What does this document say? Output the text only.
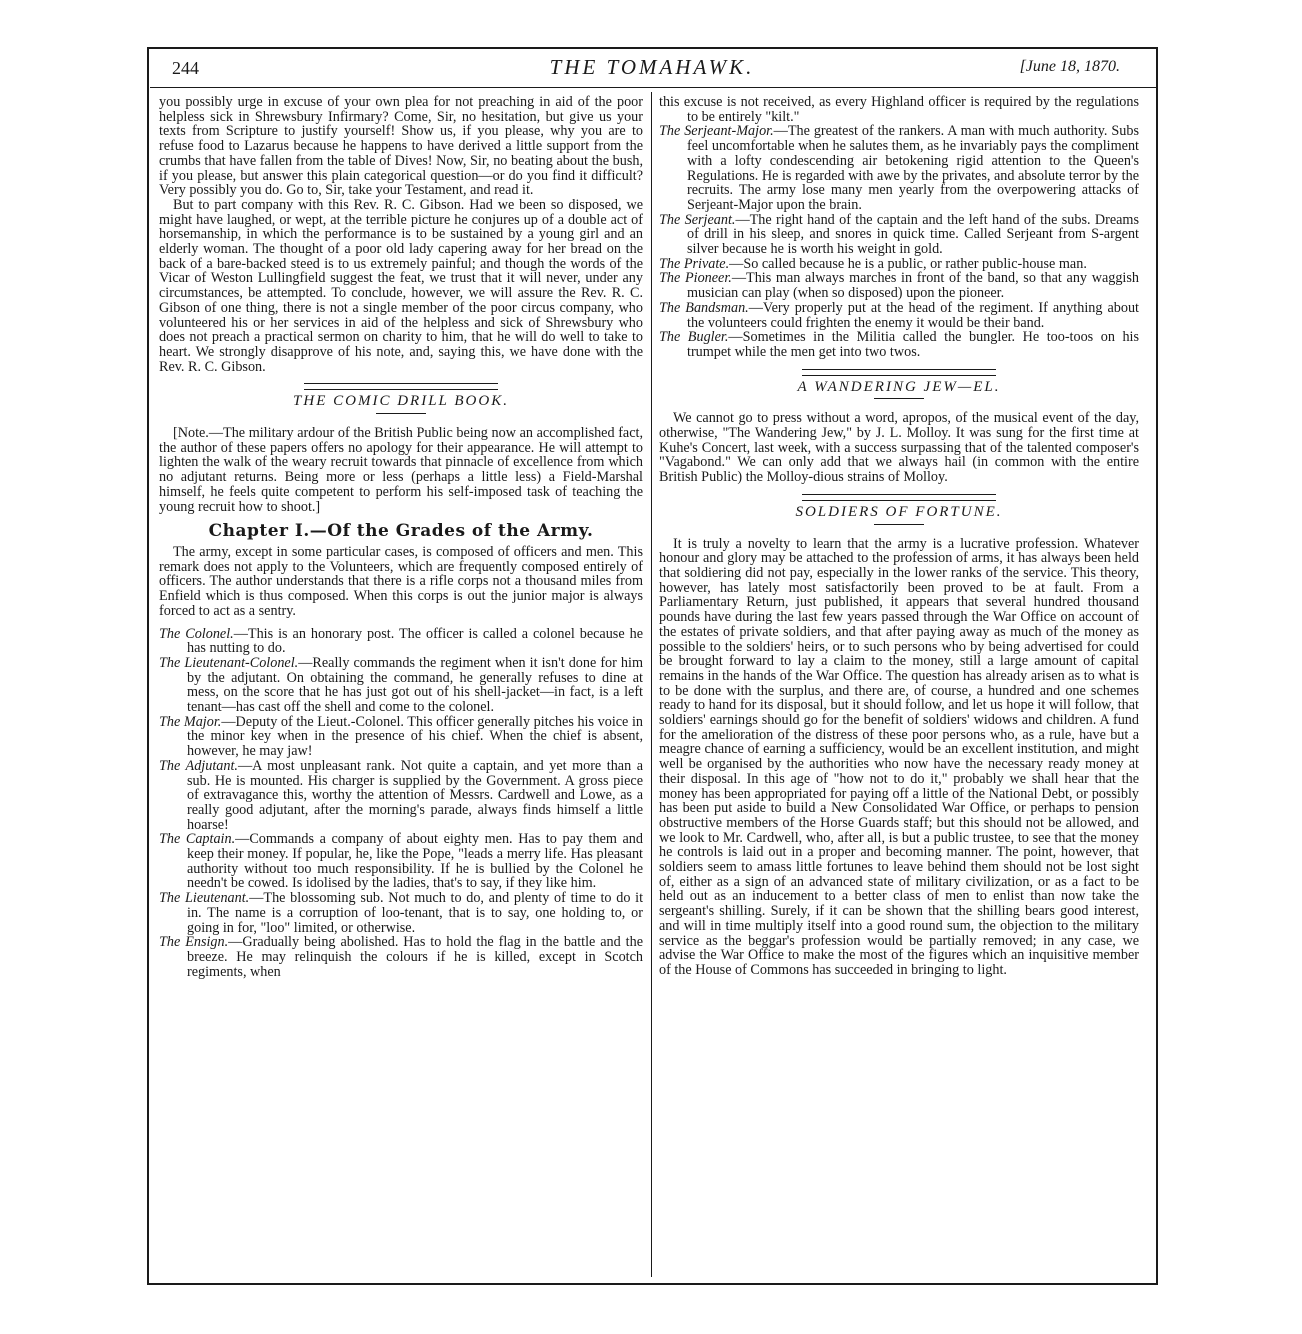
244	THE TOMAHAWK.	[June 18, 1870.

you possibly urge in excuse of your own plea for not preaching in aid of the poor helpless sick in Shrewsbury Infirmary? Come, Sir, no hesitation, but give us your texts from Scripture to justify yourself! Show us, if you please, why you are to refuse food to Lazarus because he happens to have derived a little support from the crumbs that have fallen from the table of Dives! Now, Sir, no beating about the bush, if you please, but answer this plain categorical question—or do you find it difficult? Very possibly you do. Go to, Sir, take your Testament, and read it.

But to part company with this Rev. R. C. Gibson. Had we been so disposed, we might have laughed, or wept, at the terrible picture he conjures up of a double act of horsemanship, in which the performance is to be sustained by a young girl and an elderly woman. The thought of a poor old lady capering away for her bread on the back of a bare-backed steed is to us extremely painful; and though the words of the Vicar of Weston Lullingfield suggest the feat, we trust that it will never, under any circumstances, be attempted. To conclude, however, we will assure the Rev. R. C. Gibson of one thing, there is not a single member of the poor circus company, who volunteered his or her services in aid of the helpless and sick of Shrewsbury who does not preach a practical sermon on charity to him, that he will do well to take to heart. We strongly disapprove of his note, and, saying this, we have done with the Rev. R. C. Gibson.

THE COMIC DRILL BOOK.

[Note.—The military ardour of the British Public being now an accomplished fact, the author of these papers offers no apology for their appearance. He will attempt to lighten the walk of the weary recruit towards that pinnacle of excellence from which no adjutant returns. Being more or less (perhaps a little less) a Field-Marshal himself, he feels quite competent to perform his self-imposed task of teaching the young recruit how to shoot.]

Chapter I.—Of the Grades of the Army.

The army, except in some particular cases, is composed of officers and men. This remark does not apply to the Volunteers, which are frequently composed entirely of officers. The author understands that there is a rifle corps not a thousand miles from Enfield which is thus composed. When this corps is out the junior major is always forced to act as a sentry.

The Colonel.—This is an honorary post. The officer is called a colonel because he has nutting to do.

The Lieutenant-Colonel.—Really commands the regiment when it isn't done for him by the adjutant. On obtaining the command, he generally refuses to dine at mess, on the score that he has just got out of his shell-jacket—in fact, is a left tenant—has cast off the shell and come to the colonel.

The Major.—Deputy of the Lieut.-Colonel. This officer generally pitches his voice in the minor key when in the presence of his chief. When the chief is absent, however, he may jaw!

The Adjutant.—A most unpleasant rank. Not quite a captain, and yet more than a sub. He is mounted. His charger is supplied by the Government. A gross piece of extravagance this, worthy the attention of Messrs. Cardwell and Lowe, as a really good adjutant, after the morning's parade, always finds himself a little hoarse!

The Captain.—Commands a company of about eighty men. Has to pay them and keep their money. If popular, he, like the Pope, "leads a merry life. Has pleasant authority without too much responsibility. If he is bullied by the Colonel he needn't be cowed. Is idolised by the ladies, that's to say, if they like him.

The Lieutenant.—The blossoming sub. Not much to do, and plenty of time to do it in. The name is a corruption of loo-tenant, that is to say, one holding to, or going in for, "loo" limited, or otherwise.

The Ensign.—Gradually being abolished. Has to hold the flag in the battle and the breeze. He may relinquish the colours if he is killed, except in Scotch regiments, when

this excuse is not received, as every Highland officer is required by the regulations to be entirely "kilt."

The Serjeant-Major.—The greatest of the rankers. A man with much authority. Subs feel uncomfortable when he salutes them, as he invariably pays the compliment with a lofty condescending air betokening rigid attention to the Queen's Regulations. He is regarded with awe by the privates, and absolute terror by the recruits. The army lose many men yearly from the overpowering attacks of Serjeant-Major upon the brain.

The Serjeant.—The right hand of the captain and the left hand of the subs. Dreams of drill in his sleep, and snores in quick time. Called Serjeant from S-argent silver because he is worth his weight in gold.

The Private.—So called because he is a public, or rather public-house man.

The Pioneer.—This man always marches in front of the band, so that any waggish musician can play (when so disposed) upon the pioneer.

The Bandsman.—Very properly put at the head of the regiment. If anything about the volunteers could frighten the enemy it would be their band.

The Bugler.—Sometimes in the Militia called the bungler. He too-toos on his trumpet while the men get into two twos.

A WANDERING JEW—EL.

We cannot go to press without a word, apropos, of the musical event of the day, otherwise, "The Wandering Jew," by J. L. Molloy. It was sung for the first time at Kuhe's Concert, last week, with a success surpassing that of the talented composer's "Vagabond." We can only add that we always hail (in common with the entire British Public) the Molloy-dious strains of Molloy.

SOLDIERS OF FORTUNE.

It is truly a novelty to learn that the army is a lucrative profession. Whatever honour and glory may be attached to the profession of arms, it has always been held that soldiering did not pay, especially in the lower ranks of the service. This theory, however, has lately most satisfactorily been proved to be at fault. From a Parliamentary Return, just published, it appears that several hundred thousand pounds have during the last few years passed through the War Office on account of the estates of private soldiers, and that after paying away as much of the money as possible to the soldiers' heirs, or to such persons who by being advertised for could be brought forward to lay a claim to the money, still a large amount of capital remains in the hands of the War Office. The question has already arisen as to what is to be done with the surplus, and there are, of course, a hundred and one schemes ready to hand for its disposal, but it should follow, and let us hope it will follow, that soldiers' earnings should go for the benefit of soldiers' widows and children. A fund for the amelioration of the distress of these poor persons who, as a rule, have but a meagre chance of earning a sufficiency, would be an excellent institution, and might well be organised by the authorities who now have the necessary ready money at their disposal. In this age of "how not to do it," probably we shall hear that the money has been appropriated for paying off a little of the National Debt, or possibly has been put aside to build a New Consolidated War Office, or perhaps to pension obstructive members of the Horse Guards staff; but this should not be allowed, and we look to Mr. Cardwell, who, after all, is but a public trustee, to see that the money he controls is laid out in a proper and becoming manner. The point, however, that soldiers seem to amass little fortunes to leave behind them should not be lost sight of, either as a sign of an advanced state of military civilization, or as a fact to be held out as an inducement to a better class of men to enlist than now take the sergeant's shilling. Surely, if it can be shown that the shilling bears good interest, and will in time multiply itself into a good round sum, the objection to the military service as the beggar's profession would be partially removed; in any case, we advise the War Office to make the most of the figures which an inquisitive member of the House of Commons has succeeded in bringing to light.
